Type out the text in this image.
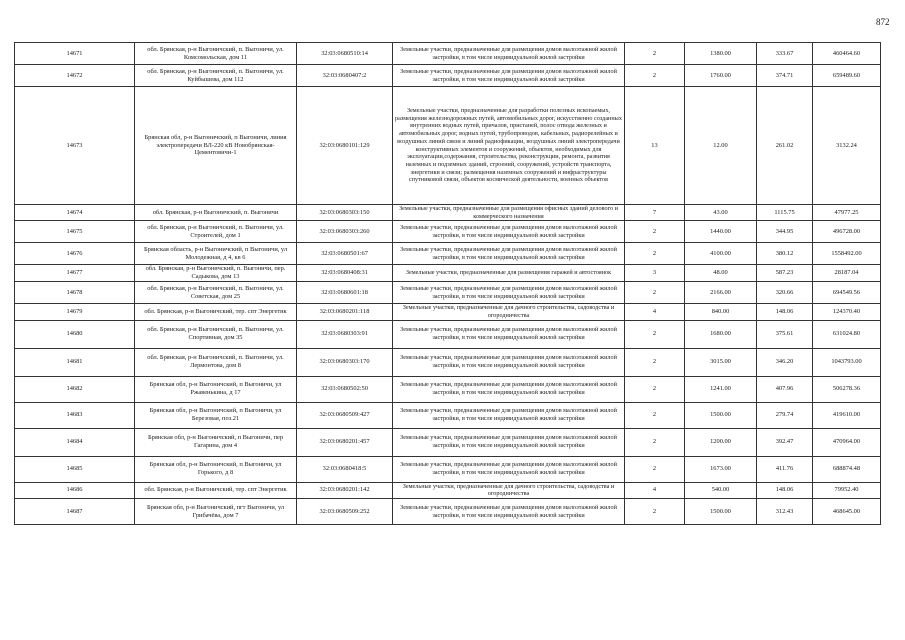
872
14671	обл. Брянская, р-н Выгоничский, п. Выгоничи, ул. Комсомольская, дом 11	32:03:0680510:14	Земельные участки, предназначенные для размещения домов малоэтажной жилой застройки, в том числе индивидуальной жилой застройки	2	1380.00	333.67	460464.60
14672	обл. Брянская, р-н Выгоничский, п. Выгоничи, ул. Куйбышева, дом 112	32:03:0680407:2	Земельные участки, предназначенные для размещения домов малоэтажной жилой застройки, в том числе индивидуальной жилой застройки	2	1760.00	374.71	659489.60
14673	Брянская обл, р-н Выгоничский, п Выгоничи, линия электропередачи ВЛ-220 кВ Новобрянская-Цементовичи-1	32:03:0680101:129	Земельные участки, предназначенные для разработки полезных ископаемых, размещения железнодорожных путей, автомобильных дорог, искусственно созданных внутренних водных путей, причалов, пристаней, полос отвода железных и автомобильных дорог, водных путей, трубопроводов, кабельных, радиорелейных и воздушных линий связи и линий радиофикации, воздушных линий электропередачи конструктивных элементов и сооружений, объектов, необходимых для эксплуатации,содержания, строительства, реконструкции, ремонта, развития наземных и подземных зданий, строений, сооружений, устройств транспорта, энергетики и связи; размещения наземных сооружений и инфраструктуры спутниковой связи, объектов космической деятельности, военных объектов	13	12.00	261.02	3132.24
14674	обл. Брянская, р-н Выгоничский, п. Выгоничи	32:03:0680303:150	Земельные участки, предназначенные для размещения офисных зданий делового и коммерческого назначения	7	43.00	1115.75	47977.25
14675	обл. Брянская, р-н Выгоничский, п. Выгоничи, ул. Строителей, дом 1	32:03:0680303:260	Земельные участки, предназначенные для размещения домов малоэтажной жилой застройки, в том числе индивидуальной жилой застройки	2	1440.00	344.95	496728.00
14676	Брянская область, р-н Выгоничский, п Выгоничи, ул Молодежная, д 4, кв 6	32:03:0680501:67	Земельные участки, предназначенные для размещения домов малоэтажной жилой застройки, в том числе индивидуальной жилой застройки	2	4100.00	380.12	1558492.00
14677	обл. Брянская, р-н Выгоничский, п. Выгоничи, пер. Садыкова, дом 13	32:03:0680408:31	Земельные участки, предназначенные для размещения гаражей и автостоянок	3	48.00	587.23	28187.04
14678	обл. Брянская, р-н Выгоничский, п. Выгоничи, ул. Советская, дом 25	32:03:0680601:18	Земельные участки, предназначенные для размещения домов малоэтажной жилой застройки, в том числе индивидуальной жилой застройки	2	2166.00	320.66	694549.56
14679	обл. Брянская, р-н Выгоничский, тер. спт Энергетик	32:03:0680201:118	Земельные участки, предназначенные для дачного строительства, садоводства и огородничества	4	840.00	148.06	124370.40
14680	обл. Брянская, р-н Выгоничский, п. Выгоничи, ул. Спортивная, дом 35	32:03:0680303:91	Земельные участки, предназначенные для размещения домов малоэтажной жилой застройки, в том числе индивидуальной жилой застройки	2	1680.00	375.61	631024.80
14681	обл. Брянская, р-н Выгоничский, п. Выгоничи, ул. Лермонтова, дом 8	32:03:0680303:170	Земельные участки, предназначенные для размещения домов малоэтажной жилой застройки, в том числе индивидуальной жилой застройки	2	3015.00	346.20	1043793.00
14682	Брянская обл, р-н Выгоничский, п Выгоничи, ул Ржавенькина, д 17	32:03:0680502:50	Земельные участки, предназначенные для размещения домов малоэтажной жилой застройки, в том числе индивидуальной жилой застройки	2	1241.00	407.96	506278.36
14683	Брянская обл, р-н Выгоничский, п Выгоничи, ул Березовая, поз.21	32:03:0680509:427	Земельные участки, предназначенные для размещения домов малоэтажной жилой застройки, в том числе индивидуальной жилой застройки	2	1500.00	279.74	419610.00
14684	Брянская обл, р-н Выгоничский, п Выгоничи, пер Гагарина, дом 4	32:03:0680201:457	Земельные участки, предназначенные для размещения домов малоэтажной жилой застройки, в том числе индивидуальной жилой застройки	2	1200.00	392.47	470964.00
14685	Брянская обл, р-н Выгоничский, п Выгоничи, ул Горького, д 8	32:03:0680418:5	Земельные участки, предназначенные для размещения домов малоэтажной жилой застройки, в том числе индивидуальной жилой застройки	2	1673.00	411.76	688874.48
14686	обл. Брянская, р-н Выгоничский, тер. спт Энергетик	32:03:0680201:142	Земельные участки, предназначенные для дачного строительства, садоводства и огородничества	4	540.00	148.06	79952.40
14687	Брянская обл, р-н Выгоничский, пгт Выгоничи, ул Грибачёва, дом 7	32:03:0680509:252	Земельные участки, предназначенные для размещения домов малоэтажной жилой застройки, в том числе индивидуальной жилой застройки	2	1500.00	312.43	468645.00
